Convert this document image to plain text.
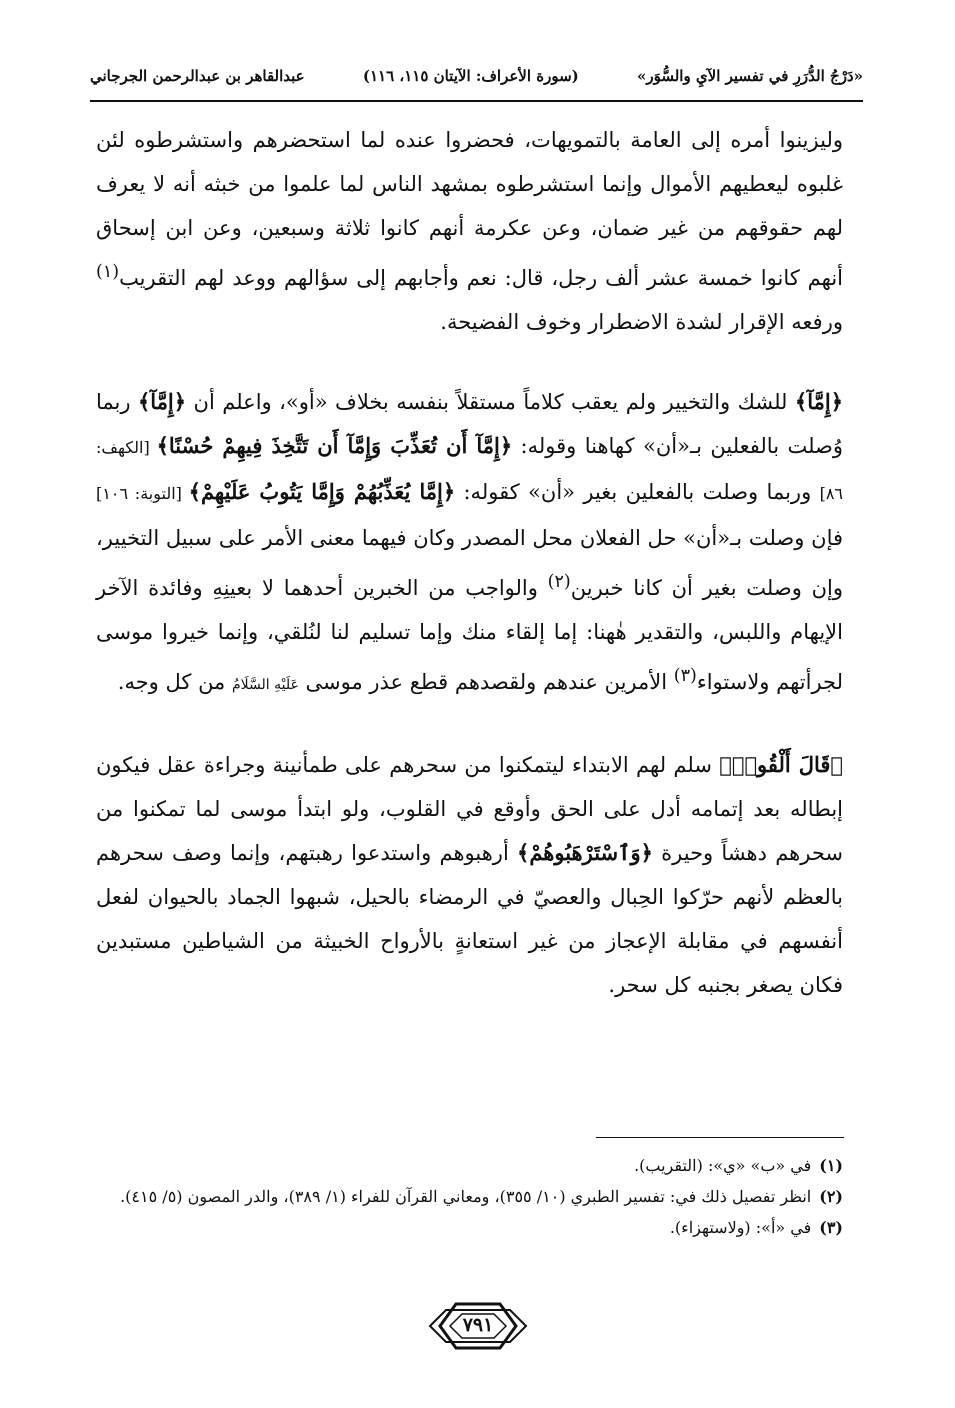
«دَرْجُ الدُّرَرِ في تفسير الآيِ والسُّوَر»
(سورة الأعراف: الآيتان ١١٥، ١١٦)
عبدالقاهر بن عبدالرحمن الجرجاني

وليزينوا أمره إلى العامة بالتمويهات، فحضروا عنده لما استحضرهم واستشرطوه لئن غلبوه ليعطيهم الأموال وإنما استشرطوه بمشهد الناس لما علموا من خبثه أنه لا يعرف لهم حقوقهم من غير ضمان، وعن عكرمة أنهم كانوا ثلاثة وسبعين، وعن ابن إسحاق أنهم كانوا خمسة عشر ألف رجل، قال: نعم وأجابهم إلى سؤالهم ووعد لهم التقريب$^{(١)}$ ورفعه الإقرار لشدة الاضطرار وخوف الفضيحة.

﴿إِمَّآ﴾ للشك والتخيير ولم يعقب كلاماً مستقلاً بنفسه بخلاف «أو»، واعلم أن ﴿إِمَّآ﴾ ربما وُصلت بالفعلين بـ«أن» كهاهنا وقوله: ﴿إِمَّآ أَن تُعَذِّبَ وَإِمَّآ أَن تَتَّخِذَ فِيهِمْ حُسْنًا﴾ [الكهف: ٨٦] وربما وصلت بالفعلين بغير «أن» كقوله: ﴿إِمَّا يُعَذِّبُهُمْ وَإِمَّا يَتُوبُ عَلَيْهِمْ﴾ [التوبة: ١٠٦] فإن وصلت بـ«أن» حل الفعلان محل المصدر وكان فيهما معنى الأمر على سبيل التخيير، وإن وصلت بغير أن كانا خبرين$^{(٢)}$ والواجب من الخبرين أحدهما لا بعينِهِ وفائدة الآخر الإيهام واللبس، والتقدير هٰهنا: إما إلقاء منك وإما تسليم لنا لنُلقي، وإنما خيروا موسى لجرأتهم ولاستواء$^{(٣)}$ الأمرين عندهم ولقصدهم قطع عذر موسى عَلَيْهِ السَّلَامُ من كل وجه.

﴿قَالَ أَلْقُوا۟﴾ سلم لهم الابتداء ليتمكنوا من سحرهم على طمأنينة وجراءة عقل فيكون إبطاله بعد إتمامه أدل على الحق وأوقع في القلوب، ولو ابتدأ موسى لما تمكنوا من سحرهم دهشاً وحيرة ﴿وَٱسْتَرْهَبُوهُمْ﴾ أرهبوهم واستدعوا رهبتهم، وإنما وصف سحرهم بالعظم لأنهم حرّكوا الحِبال والعصيّ في الرمضاء بالحيل، شبهوا الجماد بالحيوان لفعل أنفسهم في مقابلة الإعجاز من غير استعانةٍ بالأرواح الخبيثة من الشياطين مستبدين فكان يصغر بجنبه كل سحر.

(١)
في «ب» «ي»: (التقريب).
(٢)
انظر تفصيل ذلك في: تفسير الطبري (١٠/ ٣٥٥)، ومعاني القرآن للفراء (١/ ٣٨٩)، والدر المصون (٥/ ٤١٥).
(٣)
في «أ»: (ولاستهزاء).
٧٩١
